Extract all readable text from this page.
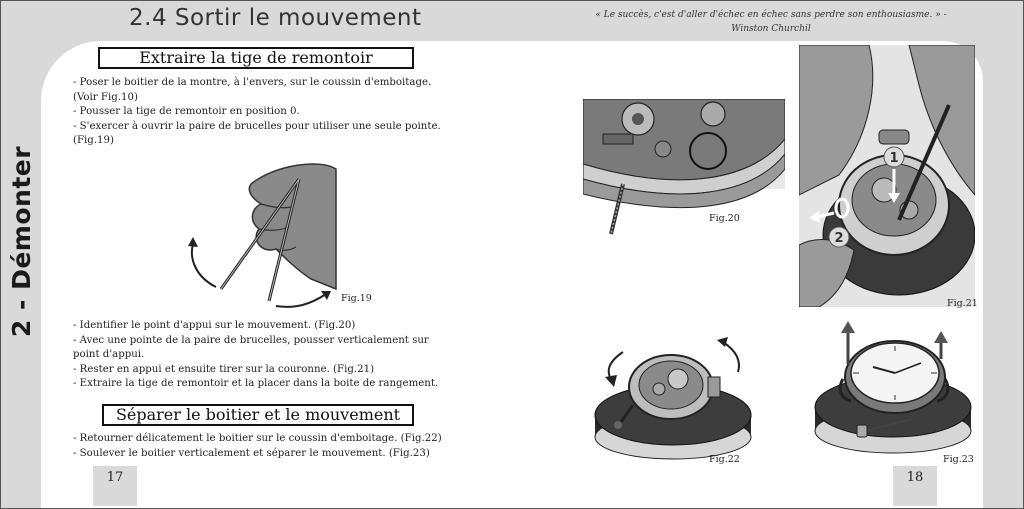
2 - Démonter
2.4 Sortir le mouvement
Extraire la tige de remontoir

- Poser le boitier de la montre, à l'envers, sur le coussin d'emboitage.

(Voir Fig.10)

- Pousser la tige de remontoir en position 0.

- S'exercer à ouvrir la paire de brucelles pour utiliser une seule pointe.

(Fig.19)

Fig.19

- Identifier le point d'appui sur le mouvement. (Fig.20)

- Avec une pointe de la paire de brucelles, pousser verticalement sur

point d'appui.

- Rester en appui et ensuite tirer sur la couronne. (Fig.21)

- Extraire la tige de remontoir et la placer dans la boite de rangement.

Séparer le boitier et le mouvement

- Retourner délicatement le boitier sur le coussin d'emboitage. (Fig.22)

- Soulever le boitier verticalement et séparer le mouvement. (Fig.23)

17
« Le succès, c'est d'aller d'échec en échec sans perdre son enthousiasme. » -
Winston Churchil
Fig.20
1
2
Fig.21
Fig.22	Fig.23
18
